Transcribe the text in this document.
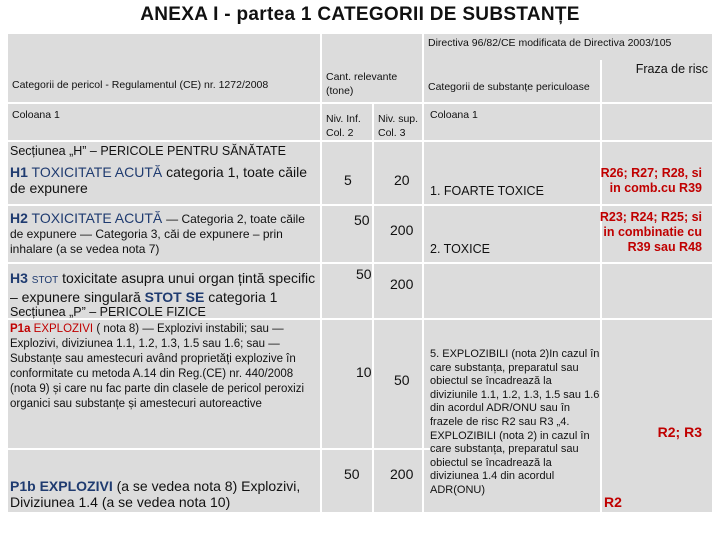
ANEXA I - partea 1 CATEGORII DE SUBSTANȚE
Categorii de pericol - Regulamentul (CE) nr. 1272/2008
Coloana 1
Cant. relevante (tone)
Niv. Inf. Col. 2
Niv. sup. Col. 3
Directiva 96/82/CE modificata de Directiva 2003/105
Fraza de risc
Categorii de substanțe periculoase
Coloana 1
Secțiunea „H” – PERICOLE PENTRU SĂNĂTATE
H1 TOXICITATE ACUTĂ categoria 1, toate căile de expunere	5	20
1. FOARTE TOXICE
R26; R27; R28, si in comb.cu R39
H2 TOXICITATE ACUTĂ — Categoria 2, toate căile
de expunere — Categoria 3, căi de expunere – prin inhalare (a se vedea nota 7)
50
200
2. TOXICE
R23; R24; R25; si in combinatie cu R39 sau R48
H3 STOT toxicitate asupra unui organ țintă specific – expunere singulară STOT SE categoria 1
50
200
Secțiunea „P” – PERICOLE FIZICE
P1a EXPLOZIVI ( nota 8) — Explozivi instabili; sau — Explozivi, diviziunea 1.1, 1.2, 1.3, 1.5 sau 1.6; sau — Substanțe sau amestecuri având proprietăți explozive în conformitate cu metoda A.14 din Reg.(CE) nr. 440/2008 (nota 9) și care nu fac parte din clasele de pericol peroxizi organici sau substanțe și amestecuri autoreactive
10 50
P1b EXPLOZIVI (a se vedea nota 8) Explozivi, Diviziunea 1.4 (a se vedea nota 10)
50 200
5. EXPLOZIBILI (nota 2)In cazul în care substanța, preparatul sau obiectul se încadrează la diviziunile 1.1, 1.2, 1.3, 1.5 sau 1.6 din acordul ADR/ONU sau în frazele de risc R2 sau R3 „4. EXPLOZIBILI (nota 2) in cazul în care substanța, preparatul sau obiectul se încadrează la diviziunea 1.4 din acordul ADR(ONU)
R2; R3
R2
